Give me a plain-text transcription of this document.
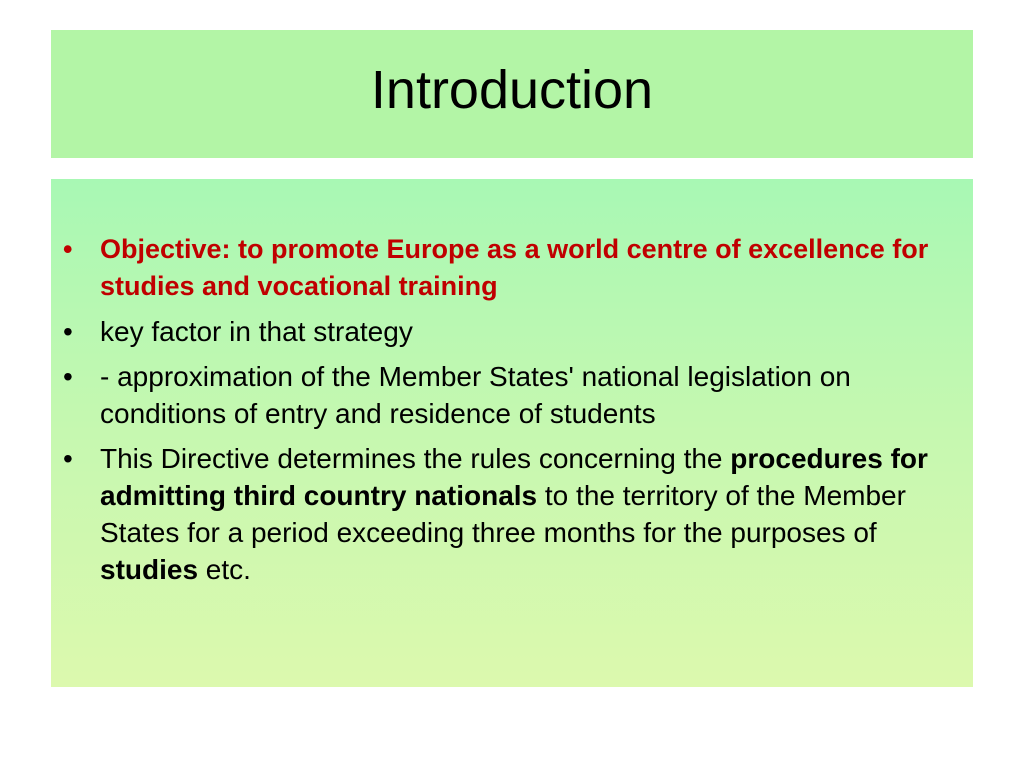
Introduction
• Objective: to promote Europe as a world centre of excellence for studies and vocational training
• key factor in that strategy
• - approximation of the Member States' national legislation on conditions of entry and residence of students
• This Directive determines the rules concerning the procedures for admitting third country nationals to the territory of the Member States for a period exceeding three months for the purposes of studies etc.
